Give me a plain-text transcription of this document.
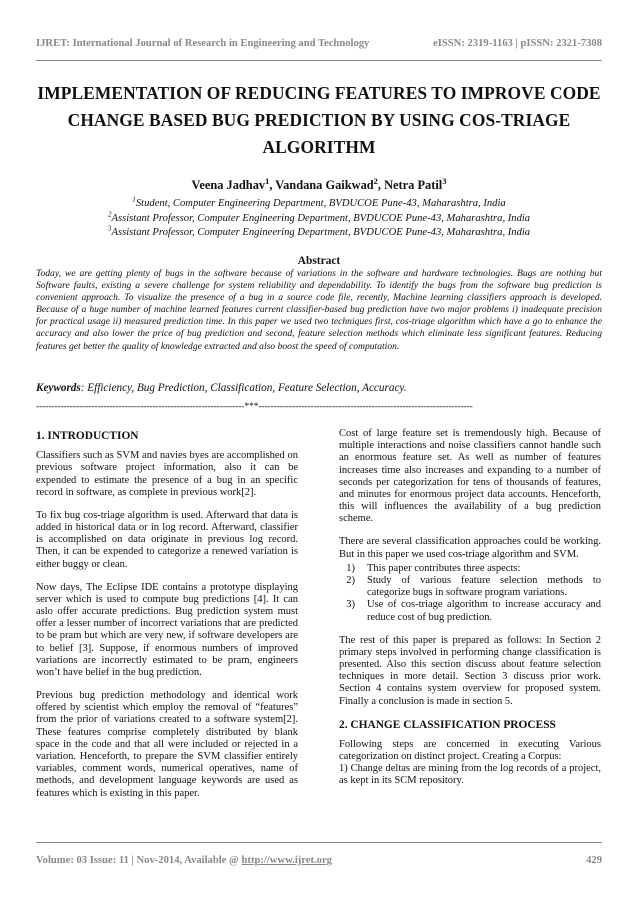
IJRET: International Journal of Research in Engineering and Technology	eISSN: 2319-1163 | pISSN: 2321-7308
IMPLEMENTATION OF REDUCING FEATURES TO IMPROVE CODE
CHANGE BASED BUG PREDICTION BY USING COS-TRIAGE
ALGORITHM
Veena Jadhav$^1$, Vandana Gaikwad$^2$, Netra Patil$^3$
$^1$Student, Computer Engineering Department, BVDUCOE Pune-43, Maharashtra, India
$^2$Assistant Professor, Computer Engineering Department, BVDUCOE Pune-43, Maharashtra, India
$^3$Assistant Professor, Computer Engineering Department, BVDUCOE Pune-43, Maharashtra, India
Abstract
Today, we are getting plenty of bugs in the software because of variations in the software and hardware technologies. Bugs are nothing but Software faults, existing a severe challenge for system reliability and dependability. To identify the bugs from the software bug prediction is convenient approach. To visualize the presence of a bug in a source code file, recently, Machine learning classifiers approach is developed. Because of a huge number of machine learned features current classifier-based bug prediction have two major problems i) inadequate precision for practical usage ii) measured prediction time. In this paper we used two techniques first, cos-triage algorithm which have a go to enhance the accuracy and also lower the price of bug prediction and second, feature selection methods which eliminate less significant features. Reducing features get better the quality of knowledge extracted and also boost the speed of computation.
Keywords: Efficiency, Bug Prediction, Classification, Feature Selection, Accuracy.
--------------------------------------------------------------------***----------------------------------------------------------------------
1. INTRODUCTION

Classifiers such as SVM and navies byes are accomplished on previous software project information, also it can be expended to estimate the presence of a bug in an specific record in software, as complete in previous work[2].

To fix bug cos-triage algorithm is used. Afterward that data is added in historical data or in log record. Afterward, classifier is accomplished on data originate in previous log record. Then, it can be expended to categorize a renewed variation is either buggy or clean.

Now days, The Eclipse IDE contains a prototype displaying server which is used to compute bug predictions [4]. It can aslo offer accurate predictions. Bug prediction system must offer a lesser number of incorrect variations that are predicted to be pram but which are very new, if software developers are to belief [3]. Suppose, if enormous numbers of improved variations are incorrectly estimated to be pram, engineers won’t have belief in the bug prediction.

Previous bug prediction methodology and identical work offered by scientist which employ the removal of “features” from the prior of variations created to a software system[2]. These features comprise completely distributed by blank space in the code and that all were included or rejected in a variation. Henceforth, to prepare the SVM classifier entirely variables, comment words, numerical operatives, name of methods, and development language keywords are used as features which is existing in this paper.

Cost of large feature set is tremendously high. Because of multiple interactions and noise classifiers cannot handle such an enormous feature set. As well as number of features increases time also increases and expanding to a number of seconds per categorization for tens of thousands of features, and minutes for enormous project data accounts. Henceforth, this will influences the availability of a bug prediction scheme.

There are several classification approaches could be working. But in this paper we used cos-triage algorithm and SVM.

1)	This paper contributes three aspects:
2)	Study of various feature selection methods to categorize bugs in software program variations.
3)	Use of cos-triage algorithm to increase accuracy and reduce cost of bug prediction.

The rest of this paper is prepared as follows: In Section 2 primary steps involved in performing change classification is presented. Also this section discuss about feature selection techniques in more detail. Section 3 discuss prior work. Section 4 contains system overview for proposed system. Finally a conclusion is made in section 5.

2. CHANGE CLASSIFICATION PROCESS

Following steps are concerned in executing Various categorization on distinct project. Creating a Corpus:

1) Change deltas are mining from the log records of a project, as kept in its SCM repository.

Volume: 03 Issue: 11 | Nov-2014, Available @ http://www.ijret.org	429
